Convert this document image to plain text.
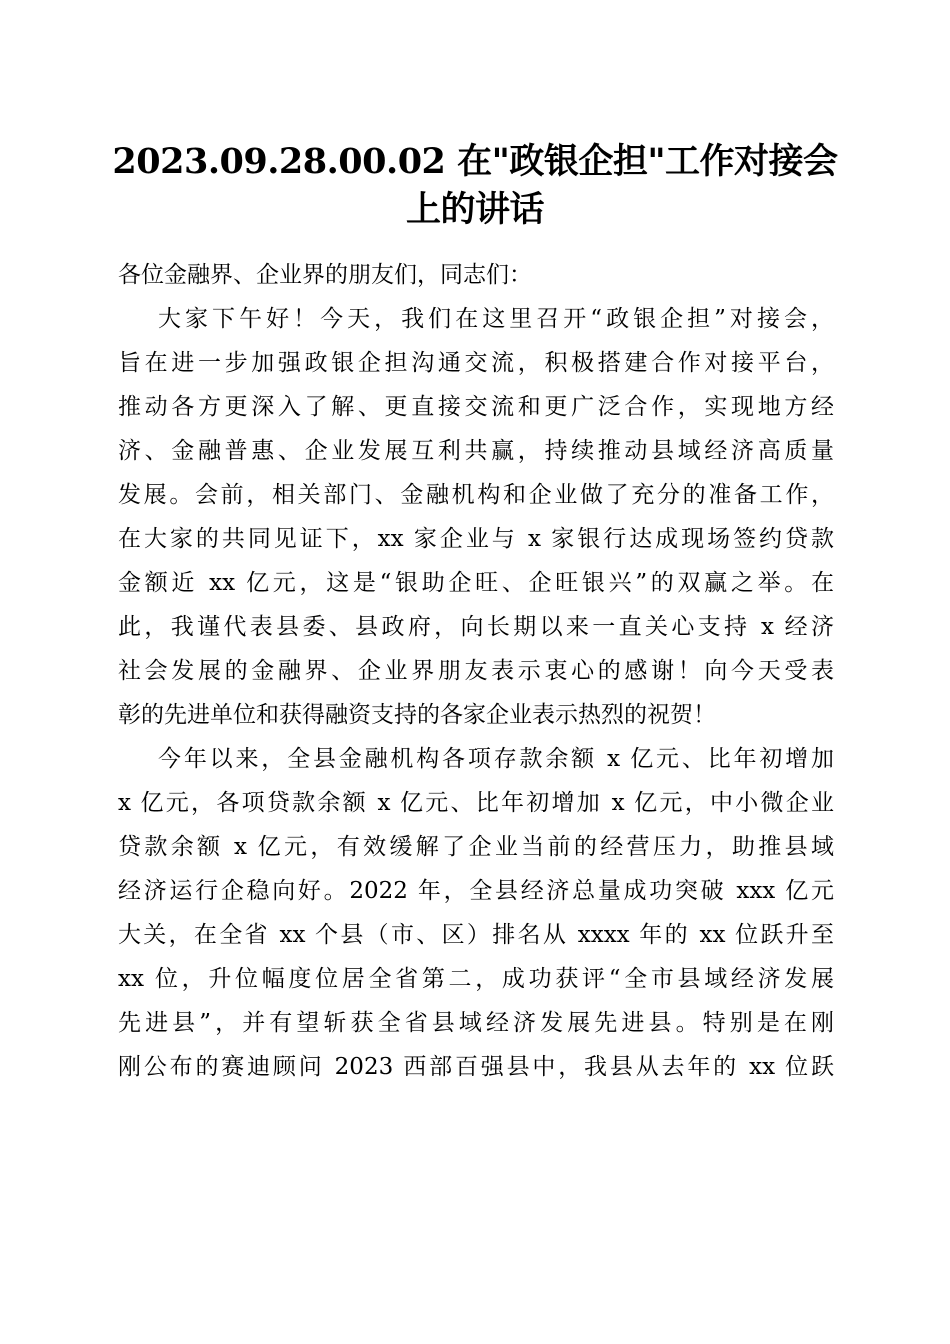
2023.09.28.00.02 在"政银企担"工作对接会
上的讲话
各位金融界、企业界的朋友们，同志们：
大家下午好！今天，我们在这里召开“政银企担”对接会，
旨在进一步加强政银企担沟通交流，积极搭建合作对接平台，
推动各方更深入了解、更直接交流和更广泛合作，实现地方经
济、金融普惠、企业发展互利共赢，持续推动县域经济高质量
发展。会前，相关部门、金融机构和企业做了充分的准备工作，
在大家的共同见证下，xx 家企业与 x 家银行达成现场签约贷款
金额近 xx 亿元，这是“银助企旺、企旺银兴”的双赢之举。在
此，我谨代表县委、县政府，向长期以来一直关心支持 x 经济
社会发展的金融界、企业界朋友表示衷心的感谢！向今天受表
彰的先进单位和获得融资支持的各家企业表示热烈的祝贺！
今年以来，全县金融机构各项存款余额 x 亿元、比年初增加
x 亿元，各项贷款余额 x 亿元、比年初增加 x 亿元，中小微企业
贷款余额 x 亿元，有效缓解了企业当前的经营压力，助推县域
经济运行企稳向好。2022 年，全县经济总量成功突破 xxx 亿元
大关，在全省 xx 个县（市、区）排名从 xxxx 年的 xx 位跃升至
xx 位，升位幅度位居全省第二，成功获评“全市县域经济发展
先进县”，并有望斩获全省县域经济发展先进县。特别是在刚
刚公布的赛迪顾问 2023 西部百强县中，我县从去年的 xx 位跃
